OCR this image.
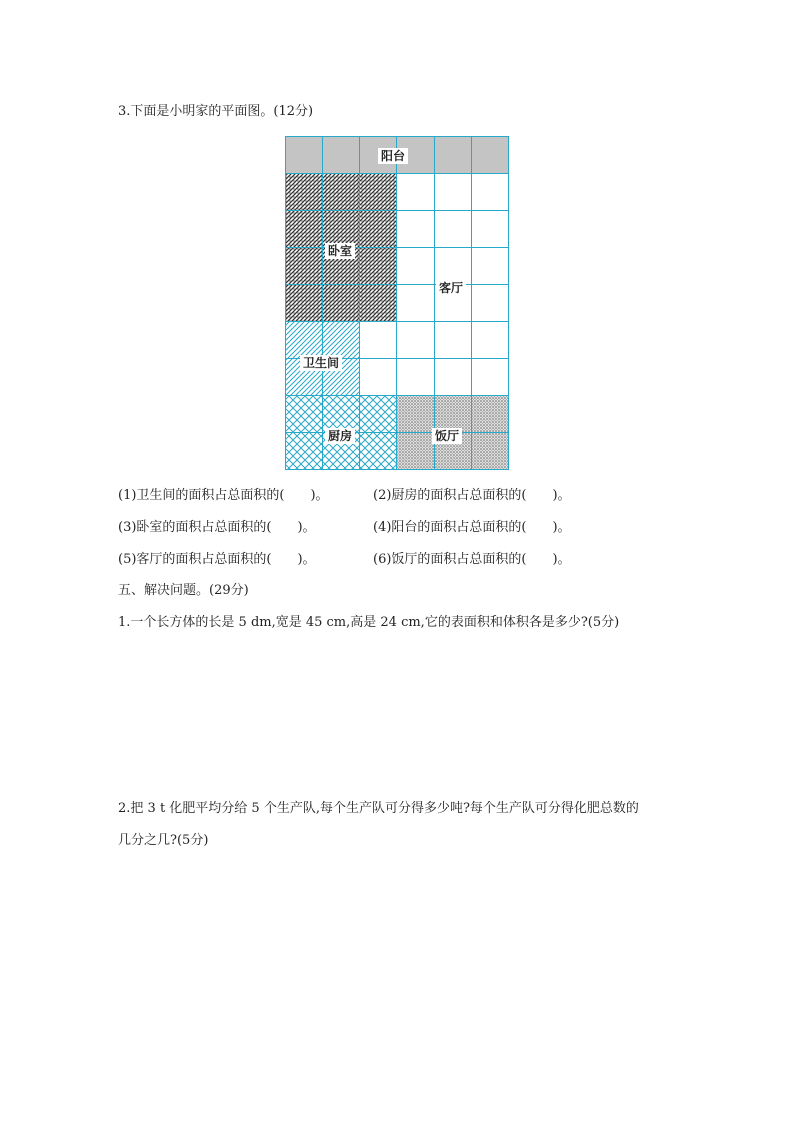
3.下面是小明家的平面图。(12分)
阳台
卧室
客厅
卫生间
厨房	饭厅
(1)卫生间的面积占总面积的(　　)。	(2)厨房的面积占总面积的(　　)。
(3)卧室的面积占总面积的(　　)。	(4)阳台的面积占总面积的(　　)。
(5)客厅的面积占总面积的(　　)。	(6)饭厅的面积占总面积的(　　)。
五、解决问题。(29分)
1.一个长方体的长是 5 dm,宽是 45 cm,高是 24 cm,它的表面积和体积各是多少?(5分)
2.把 3 t 化肥平均分给 5 个生产队,每个生产队可分得多少吨?每个生产队可分得化肥总数的
几分之几?(5分)
